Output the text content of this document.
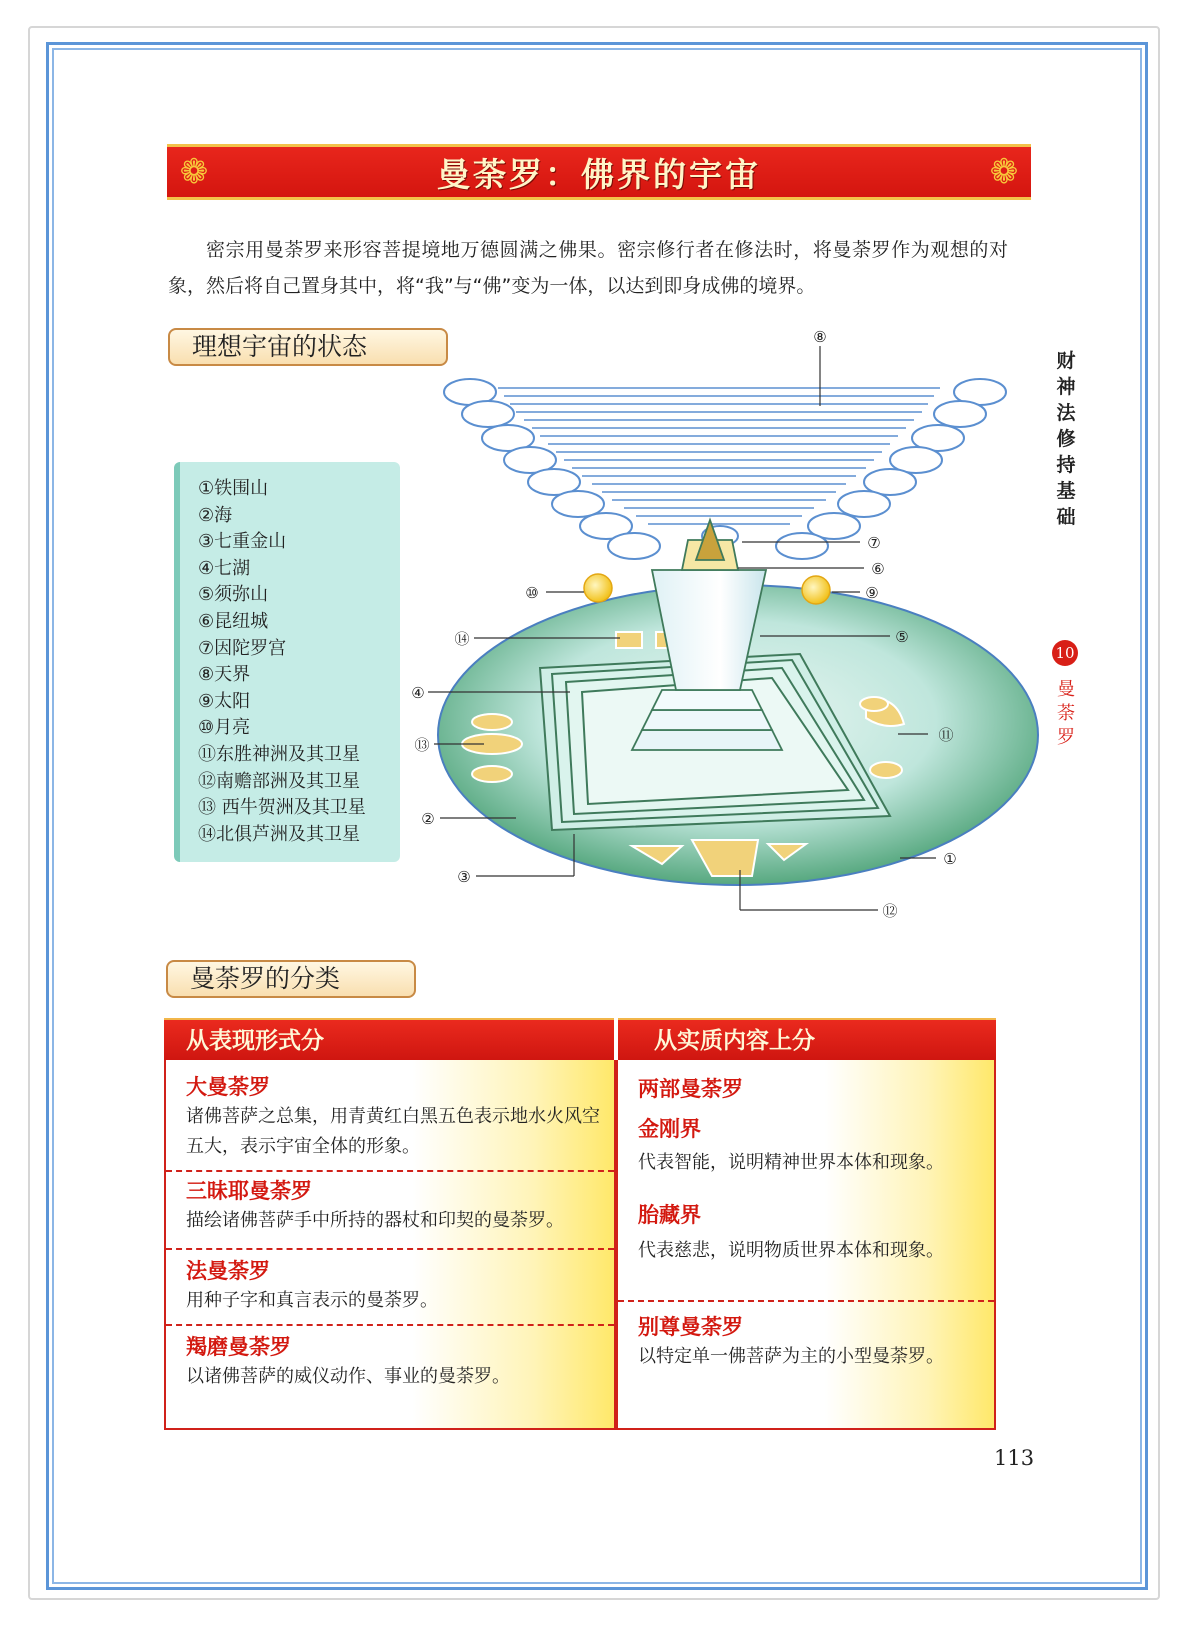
❁	曼荼罗：佛界的宇宙	❁

密宗用曼荼罗来形容菩提境地万德圆满之佛果。密宗修行者在修法时，将曼荼罗作为观想的对象，然后将自己置身其中，将“我”与“佛”变为一体，以达到即身成佛的境界。

理想宇宙的状态	财
神
法
修
持
基
础
10
曼
荼
罗
①铁围山
②海
③七重金山
④七湖
⑤须弥山
⑥昆纽城
⑦因陀罗宫
⑧天界
⑨太阳
⑩月亮
⑪东胜神洲及其卫星
⑫南赡部洲及其卫星
⑬ 西牛贺洲及其卫星
⑭北俱芦洲及其卫星
⑧
⑦
⑥
⑨
⑩
⑤
⑭
④
⑬
⑪
②
③
①
⑫
曼荼罗的分类
从表现形式分	从实质内容上分
大曼荼罗
诸佛菩萨之总集，用青黄红白黑五色表示地水火风空五大，表示宇宙全体的形象。
三昧耶曼荼罗
描绘诸佛菩萨手中所持的器杖和印契的曼荼罗。
法曼荼罗
用种子字和真言表示的曼荼罗。
羯磨曼荼罗
以诸佛菩萨的威仪动作、事业的曼荼罗。
两部曼荼罗
金刚界
代表智能，说明精神世界本体和现象。
胎藏界
代表慈悲，说明物质世界本体和现象。
别尊曼荼罗
以特定单一佛菩萨为主的小型曼荼罗。
113
